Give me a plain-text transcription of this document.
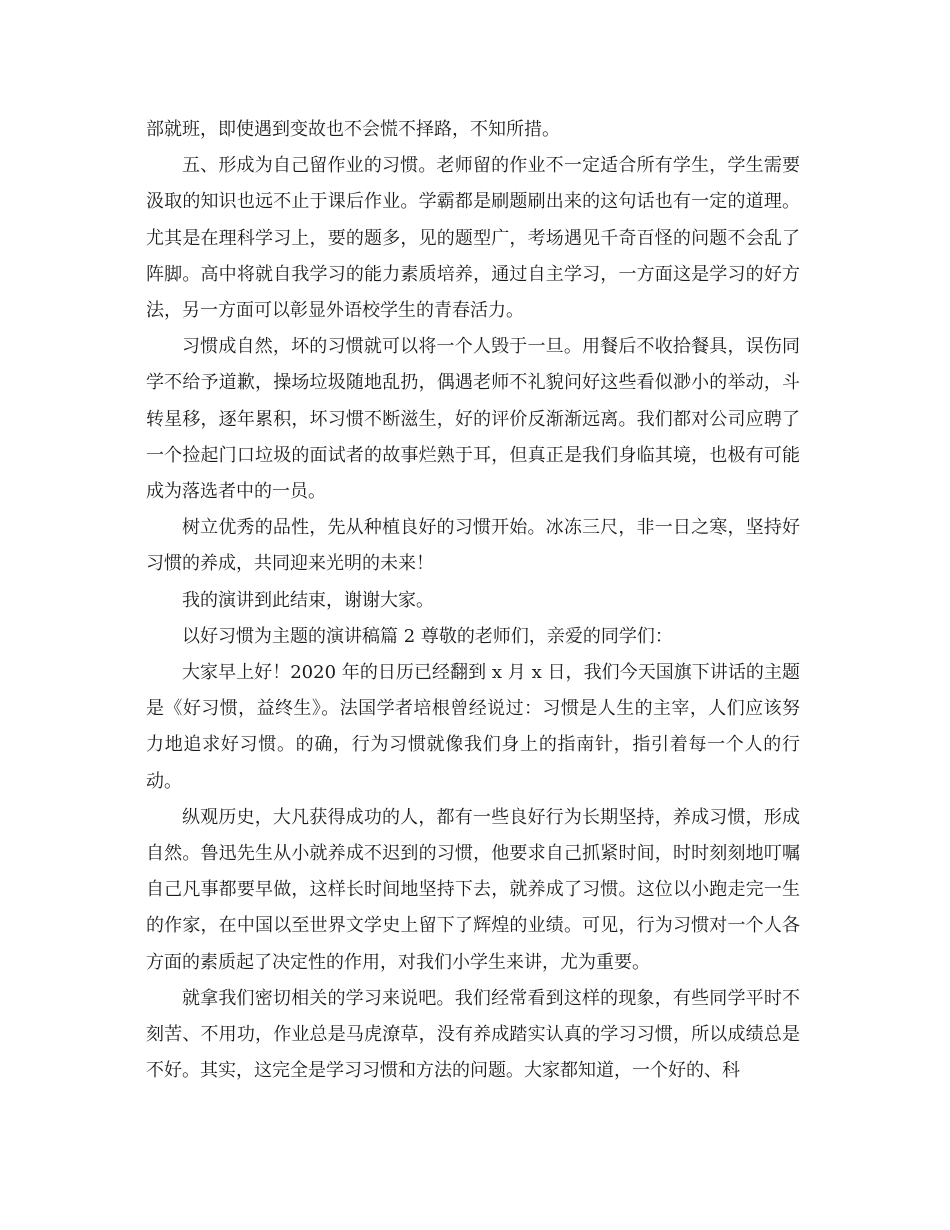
部就班，即使遇到变故也不会慌不择路，不知所措。

五、形成为自己留作业的习惯。老师留的作业不一定适合所有学生，学生需要汲取的知识也远不止于课后作业。学霸都是刷题刷出来的这句话也有一定的道理。尤其是在理科学习上，要的题多，见的题型广，考场遇见千奇百怪的问题不会乱了阵脚。高中将就自我学习的能力素质培养，通过自主学习，一方面这是学习的好方法，另一方面可以彰显外语校学生的青春活力。

习惯成自然，坏的习惯就可以将一个人毁于一旦。用餐后不收拾餐具，误伤同学不给予道歉，操场垃圾随地乱扔，偶遇老师不礼貌问好这些看似渺小的举动，斗转星移，逐年累积，坏习惯不断滋生，好的评价反渐渐远离。我们都对公司应聘了一个捡起门口垃圾的面试者的故事烂熟于耳，但真正是我们身临其境，也极有可能成为落选者中的一员。

树立优秀的品性，先从种植良好的习惯开始。冰冻三尺，非一日之寒，坚持好习惯的养成，共同迎来光明的未来！

我的演讲到此结束，谢谢大家。

以好习惯为主题的演讲稿篇 2 尊敬的老师们，亲爱的同学们：

大家早上好！2020 年的日历已经翻到 x 月 x 日，我们今天国旗下讲话的主题是《好习惯，益终生》。法国学者培根曾经说过：习惯是人生的主宰，人们应该努力地追求好习惯。的确，行为习惯就像我们身上的指南针，指引着每一个人的行动。

纵观历史，大凡获得成功的人，都有一些良好行为长期坚持，养成习惯，形成自然。鲁迅先生从小就养成不迟到的习惯，他要求自己抓紧时间，时时刻刻地叮嘱自己凡事都要早做，这样长时间地坚持下去，就养成了习惯。这位以小跑走完一生的作家，在中国以至世界文学史上留下了辉煌的业绩。可见，行为习惯对一个人各方面的素质起了决定性的作用，对我们小学生来讲，尤为重要。

就拿我们密切相关的学习来说吧。我们经常看到这样的现象，有些同学平时不刻苦、不用功，作业总是马虎潦草，没有养成踏实认真的学习习惯，所以成绩总是不好。其实，这完全是学习习惯和方法的问题。大家都知道，一个好的、科
